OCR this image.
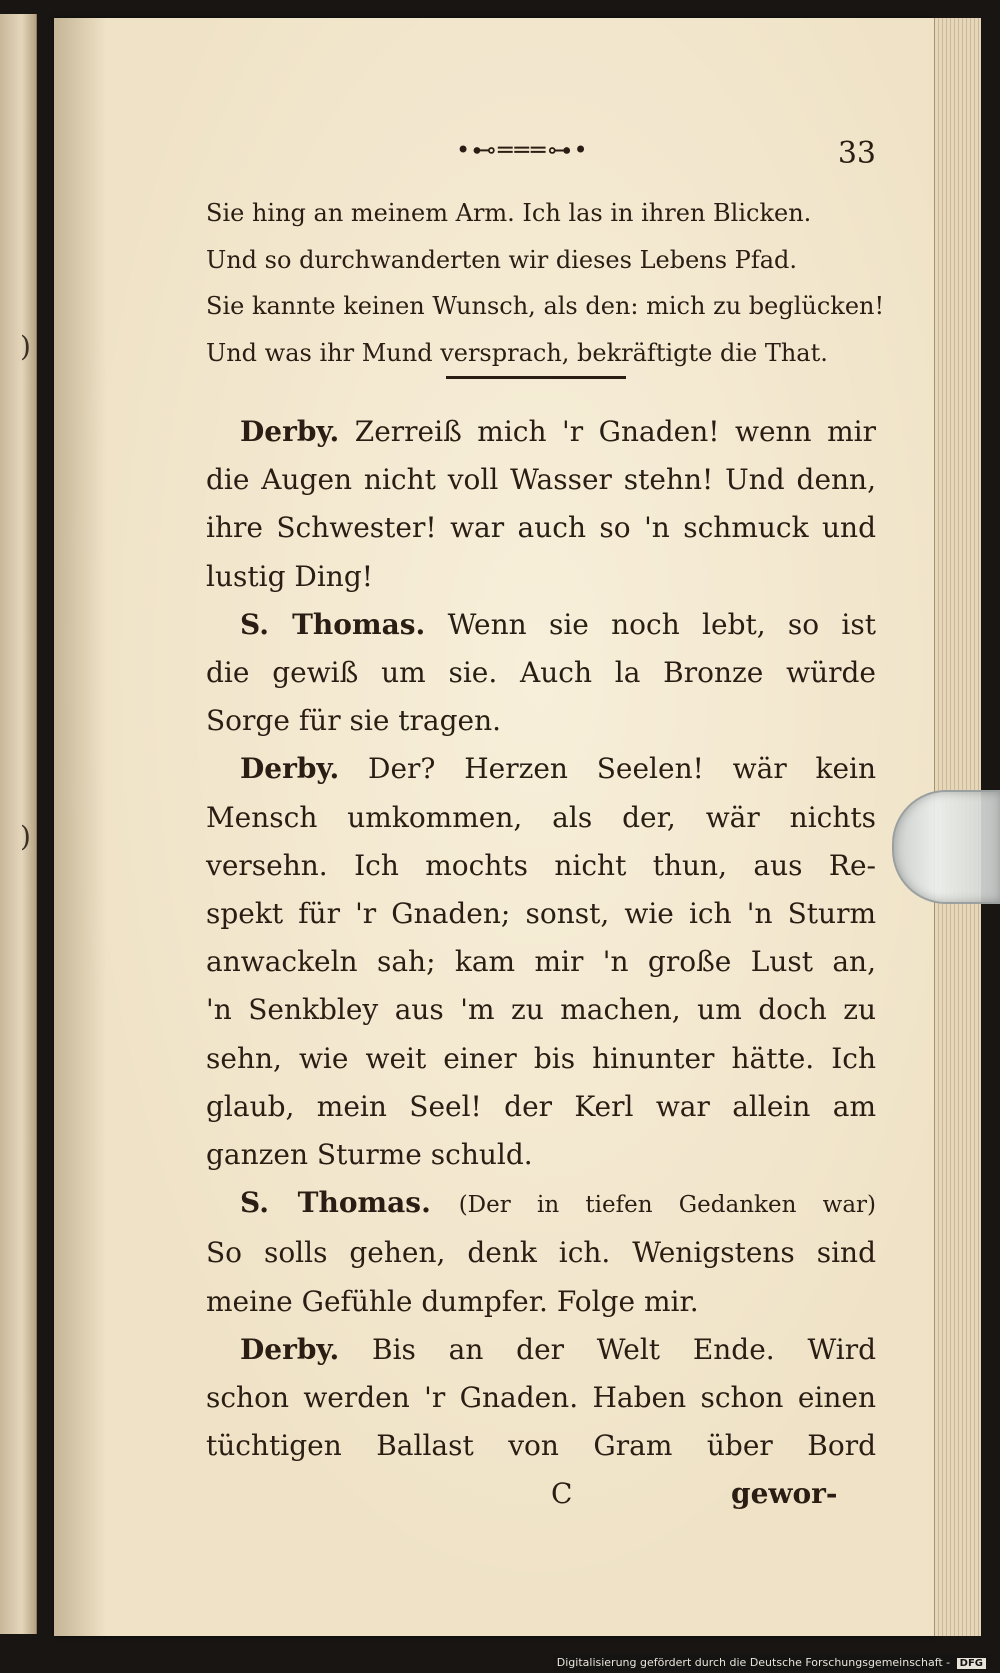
)
)
•⊷═══⊶•	33
Sie hing an meinem Arm. Ich las in ihren Blicken.
Und so durchwanderten wir dieses Lebens Pfad.
Sie kannte keinen Wunsch, als den: mich zu beglücken!
Und was ihr Mund versprach, bekräftigte die That.
Derby. Zerreiß mich 'r Gnaden! wenn mir
die Augen nicht voll Wasser stehn! Und denn,
ihre Schwester! war auch so 'n schmuck und
lustig Ding!
S. Thomas. Wenn sie noch lebt, so ist
die gewiß um sie. Auch la Bronze würde
Sorge für sie tragen.
Derby. Der? Herzen Seelen! wär kein
Mensch umkommen, als der, wär nichts
versehn. Ich mochts nicht thun, aus Re-
spekt für 'r Gnaden; sonst, wie ich 'n Sturm
anwackeln sah; kam mir 'n große Lust an,
'n Senkbley aus 'm zu machen, um doch zu
sehn, wie weit einer bis hinunter hätte. Ich
glaub, mein Seel! der Kerl war allein am
ganzen Sturme schuld.
S. Thomas. (Der in tiefen Gedanken war)
So solls gehen, denk ich. Wenigstens sind
meine Gefühle dumpfer. Folge mir.
Derby. Bis an der Welt Ende. Wird
schon werden 'r Gnaden. Haben schon einen
tüchtigen Ballast von Gram über Bord
C	gewor-
Digitalisierung gefördert durch die Deutsche Forschungsgemeinschaft - DFG
